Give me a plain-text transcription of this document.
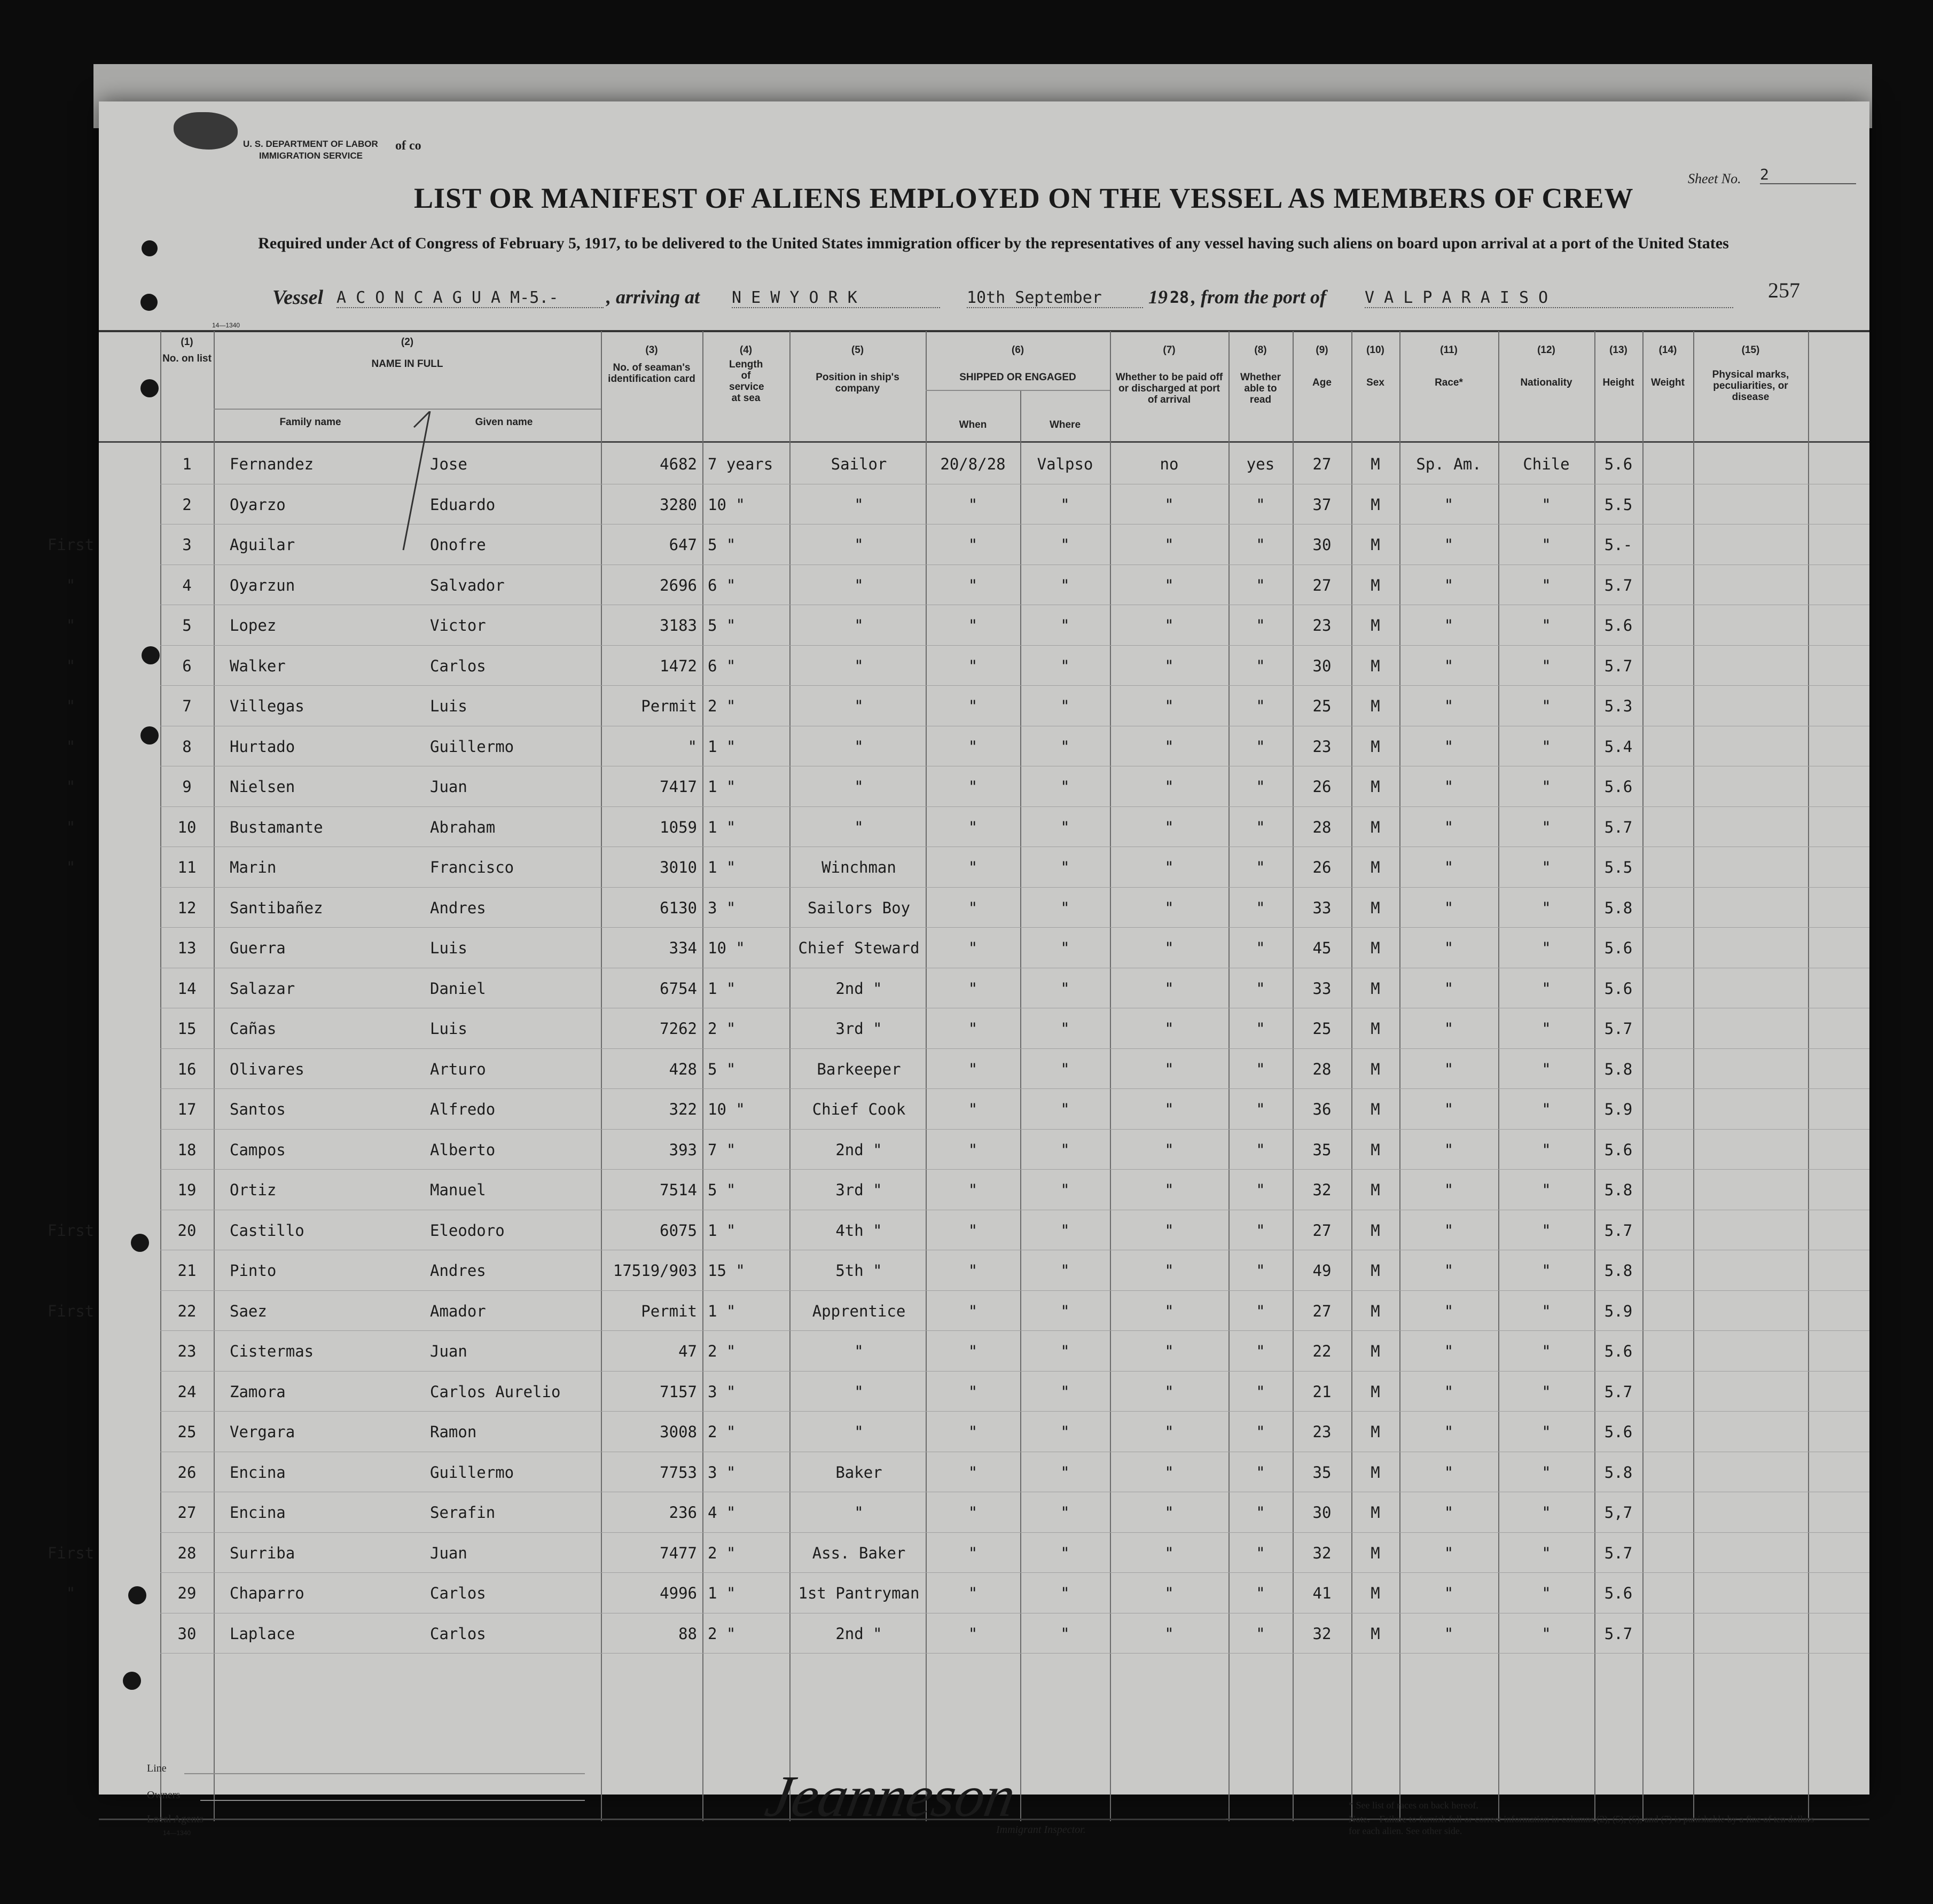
U. S. DEPARTMENT OF LABOR
IMMIGRATION SERVICE
of co
Sheet No. 2
LIST OR MANIFEST OF ALIENS EMPLOYED ON THE VESSEL AS MEMBERS OF CREW
Required under Act of Congress of February 5, 1917, to be delivered to the United States immigration officer by the representatives of any vessel having such aliens on board upon arrival at a port of the United States
Vessel A C O N C A G U A M-5.-	, arriving at N E W Y O R K	10th September	19 28 , from the port of V A L P A R A I S O	257
14—1340
(1)
No. on list
(2)
NAME IN FULL
Family name	Given name
(3)
No. of seaman's identification card
(4)
Length of service at sea
(5)
Position in ship's company
(6)
SHIPPED OR ENGAGED
When	Where
(7)
Whether to be paid off or discharged at port of arrival
(8)
Whether able to read
(9)
Age
(10)
Sex
(11)
Race*
(12)
Nationality
(13)
Height
(14)
Weight
(15)
Physical marks, peculiarities, or disease
1	Fernandez	Jose	4682 7 years	Sailor	20/8/28	Valpso	no	yes	27	M	Sp. Am.	Chile	5.6
2	Oyarzo	Eduardo	3280 10 "	"	"	"	"	"	37	M	"	"	5.5
First	3	Aguilar	Onofre	647 5 "	"	"	"	"	"	30	M	"	"	5.-
"	4	Oyarzun	Salvador	2696 6 "	"	"	"	"	"	27	M	"	"	5.7
"	5	Lopez	Victor	3183 5 "	"	"	"	"	"	23	M	"	"	5.6
"	6	Walker	Carlos	1472 6 "	"	"	"	"	"	30	M	"	"	5.7
"	7	Villegas	Luis	Permit 2 "	"	"	"	"	"	25	M	"	"	5.3
"	8	Hurtado	Guillermo	" 1 "	"	"	"	"	"	23	M	"	"	5.4
"	9	Nielsen	Juan	7417 1 "	"	"	"	"	"	26	M	"	"	5.6
"	10	Bustamante	Abraham	1059 1 "	"	"	"	"	"	28	M	"	"	5.7
"	11	Marin	Francisco	3010 1 "	Winchman	"	"	"	"	26	M	"	"	5.5
12	Santibañez	Andres	6130 3 "	Sailors Boy	"	"	"	"	33	M	"	"	5.8
13	Guerra	Luis	334 10 "	Chief Steward	"	"	"	"	45	M	"	"	5.6
14	Salazar	Daniel	6754 1 "	2nd "	"	"	"	"	33	M	"	"	5.6
15	Cañas	Luis	7262 2 "	3rd "	"	"	"	"	25	M	"	"	5.7
16	Olivares	Arturo	428 5 "	Barkeeper	"	"	"	"	28	M	"	"	5.8
17	Santos	Alfredo	322 10 "	Chief Cook	"	"	"	"	36	M	"	"	5.9
18	Campos	Alberto	393 7 "	2nd "	"	"	"	"	35	M	"	"	5.6
19	Ortiz	Manuel	7514 5 "	3rd "	"	"	"	"	32	M	"	"	5.8
First	20	Castillo	Eleodoro	6075 1 "	4th "	"	"	"	"	27	M	"	"	5.7
21	Pinto	Andres	17519/903 15 "	5th "	"	"	"	"	49	M	"	"	5.8
First	22	Saez	Amador	Permit 1 "	Apprentice	"	"	"	"	27	M	"	"	5.9
23	Cistermas	Juan	47 2 "	"	"	"	"	"	22	M	"	"	5.6
24	Zamora	Carlos Aurelio	7157 3 "	"	"	"	"	"	21	M	"	"	5.7
25	Vergara	Ramon	3008 2 "	"	"	"	"	"	23	M	"	"	5.6
26	Encina	Guillermo	7753 3 "	Baker	"	"	"	"	35	M	"	"	5.8
27	Encina	Serafin	236 4 "	"	"	"	"	"	30	M	"	"	5,7
First	28	Surriba	Juan	7477 2 "	Ass. Baker	"	"	"	"	32	M	"	"	5.7
"	29	Chaparro	Carlos	4996 1 "	1st Pantryman	"	"	"	"	41	M	"	"	5.6
30	Laplace	Carlos	88 2 "	2nd "	"	"	"	"	32	M	"	"	5.7
Line
Owners
Local Agents
14—1340
Jeanneson
Immigrant Inspector.
* See list of races on back hereof.
Note.—Failure to furnish full or correct information in columns (2), (5), (6), and (7) is punishable by a fine of ten dollars for each alien. See other side.
